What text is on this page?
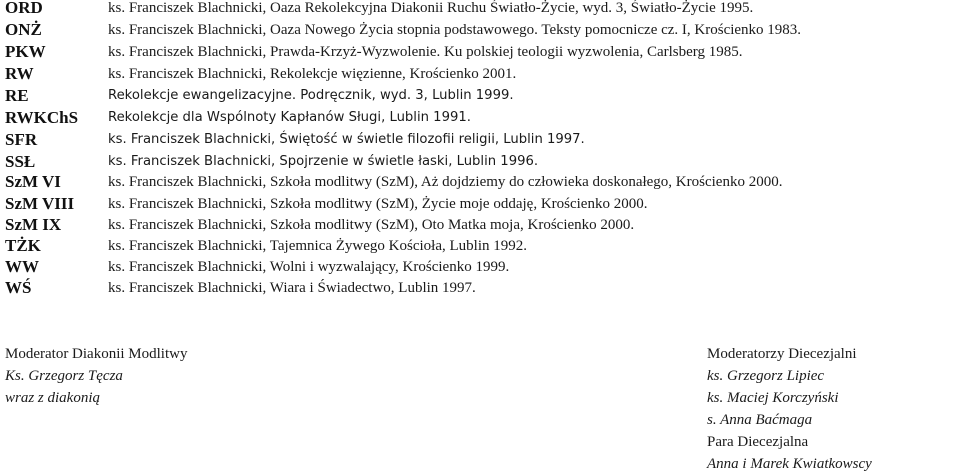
ORD	ks. Franciszek Blachnicki, Oaza Rekolekcyjna Diakonii Ruchu Światło-Życie, wyd. 3, Światło-Życie 1995.
ONŻ	ks. Franciszek Blachnicki, Oaza Nowego Życia stopnia podstawowego. Teksty pomocnicze cz. I, Krościenko 1983.
PKW	ks. Franciszek Blachnicki, Prawda-Krzyż-Wyzwolenie. Ku polskiej teologii wyzwolenia, Carlsberg 1985.
RW	ks. Franciszek Blachnicki, Rekolekcje więzienne, Krościenko 2001.
RE	Rekolekcje ewangelizacyjne. Podręcznik, wyd. 3, Lublin 1999.
RWKChS Rekolekcje dla Wspólnoty Kapłanów Sługi, Lublin 1991.
SFR	ks. Franciszek Blachnicki, Świętość w świetle filozofii religii, Lublin 1997.
SSŁ	ks. Franciszek Blachnicki, Spojrzenie w świetle łaski, Lublin 1996.
SzM VI	ks. Franciszek Blachnicki, Szkoła modlitwy (SzM), Aż dojdziemy do człowieka doskonałego, Krościenko 2000.
SzM VIII ks. Franciszek Blachnicki, Szkoła modlitwy (SzM), Życie moje oddaję, Krościenko 2000.
SzM IX	ks. Franciszek Blachnicki, Szkoła modlitwy (SzM), Oto Matka moja, Krościenko 2000.
TŻK	ks. Franciszek Blachnicki, Tajemnica Żywego Kościoła, Lublin 1992.
WW	ks. Franciszek Blachnicki, Wolni i wyzwalający, Krościenko 1999.
WŚ	ks. Franciszek Blachnicki, Wiara i Świadectwo, Lublin 1997.
Moderator Diakonii Modlitwy
Ks. Grzegorz Tęcza
wraz z diakonią
Moderatorzy Diecezjalni
ks. Grzegorz Lipiec
ks. Maciej Korczyński
s. Anna Baćmaga
Para Diecezjalna
Anna i Marek Kwiatkowscy
